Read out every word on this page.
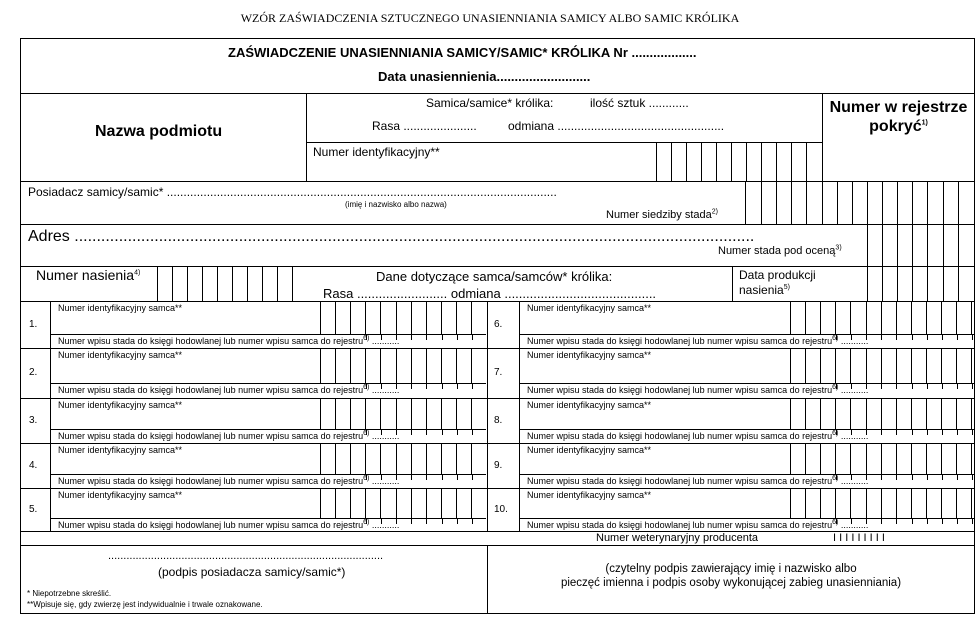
WZÓR ZAŚWIADCZENIA SZTUCZNEGO UNASIENNIANIA SAMICY ALBO SAMIC KRÓLIKA
ZAŚWIADCZENIE UNASIENNIANIA SAMICY/SAMIC* KRÓLIKA Nr ..................
Data unasiennienia..........................
Nazwa podmiotu
Samica/samice* królika:	ilość sztuk ............
Rasa ......................	odmiana ..................................................
Numer identyfikacyjny**
Numer w rejestrze pokryć$^{1)}$
Posiadacz samicy/samic* .....................................................................................................................
(imię i nazwisko albo nazwa)
Numer siedziby stada$^{2)}$
Adres .........................................................................................................................................................
Numer stada pod oceną$^{3)}$
Numer nasienia$^{4)}$	Dane dotyczące samca/samców* królika:
Rasa ......................... odmiana ..........................................
Data produkcji nasienia$^{5)}$
1.
Numer identyfikacyjny samca**
Numer wpisu stada do księgi hodowlanej lub numer wpisu samca do rejestru$^{6)}$ ...........
6.
Numer identyfikacyjny samca**
Numer wpisu stada do księgi hodowlanej lub numer wpisu samca do rejestru$^{6)}$ ...........
2.
Numer identyfikacyjny samca**
Numer wpisu stada do księgi hodowlanej lub numer wpisu samca do rejestru$^{6)}$ ...........
7.
Numer identyfikacyjny samca**
Numer wpisu stada do księgi hodowlanej lub numer wpisu samca do rejestru$^{6)}$ ...........
3.
Numer identyfikacyjny samca**
Numer wpisu stada do księgi hodowlanej lub numer wpisu samca do rejestru$^{6)}$ ...........
8.
Numer identyfikacyjny samca**
Numer wpisu stada do księgi hodowlanej lub numer wpisu samca do rejestru$^{6)}$ ...........
4.
Numer identyfikacyjny samca**
Numer wpisu stada do księgi hodowlanej lub numer wpisu samca do rejestru$^{6)}$ ...........
9.
Numer identyfikacyjny samca**
Numer wpisu stada do księgi hodowlanej lub numer wpisu samca do rejestru$^{6)}$ ...........
5.
Numer identyfikacyjny samca**
Numer wpisu stada do księgi hodowlanej lub numer wpisu samca do rejestru$^{6)}$ ...........
10.
Numer identyfikacyjny samca**
Numer wpisu stada do księgi hodowlanej lub numer wpisu samca do rejestru$^{6)}$ ...........
Numer weterynaryjny producenta	I I I I I I I I I
..........................................................................................
(podpis posiadacza samicy/samic*)	(czytelny podpis zawierający imię i nazwisko albo
pieczęć imienna i podpis osoby wykonującej zabieg unasienniania)
* Niepotrzebne skreślić.
**Wpisuje się, gdy zwierzę jest indywidualnie i trwale oznakowane.
